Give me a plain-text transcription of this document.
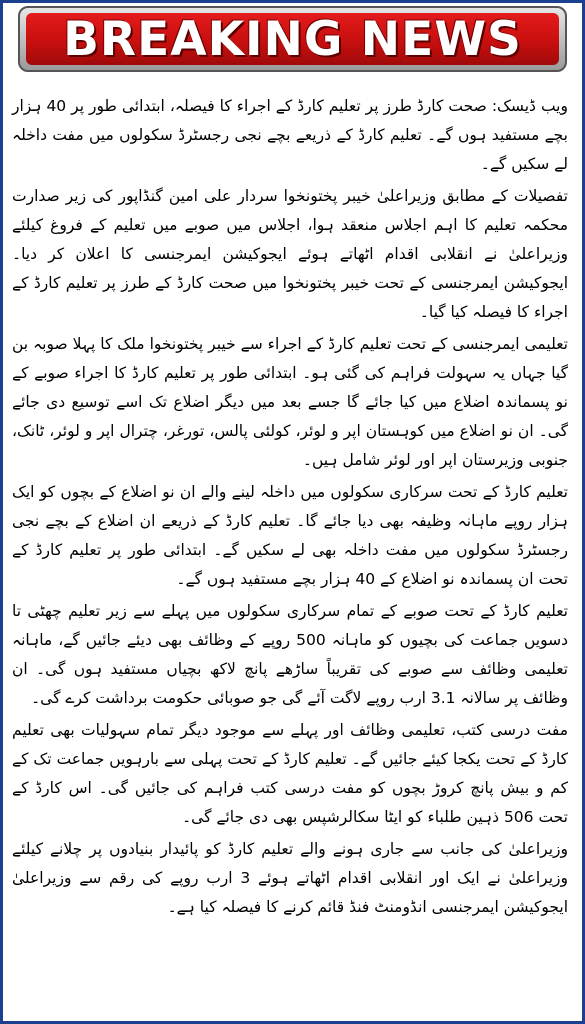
BREAKING NEWS

ویب ڈیسک: صحت کارڈ طرز پر تعلیم کارڈ کے اجراء کا فیصلہ، ابتدائی طور پر 40 ہزار بچے مستفید ہوں گے۔ تعلیم کارڈ کے ذریعے بچے نجی رجسٹرڈ سکولوں میں مفت داخلہ لے سکیں گے۔

تفصیلات کے مطابق وزیراعلیٰ خیبر پختونخوا سردار علی امین گنڈاپور کی زیر صدارت محکمہ تعلیم کا اہم اجلاس منعقد ہوا، اجلاس میں صوبے میں تعلیم کے فروغ کیلئے وزیراعلیٰ نے انقلابی اقدام اٹھاتے ہوئے ایجوکیشن ایمرجنسی کا اعلان کر دیا۔ ایجوکیشن ایمرجنسی کے تحت خیبر پختونخوا میں صحت کارڈ کے طرز پر تعلیم کارڈ کے اجراء کا فیصلہ کیا گیا۔

تعلیمی ایمرجنسی کے تحت تعلیم کارڈ کے اجراء سے خیبر پختونخوا ملک کا پہلا صوبہ بن گیا جہاں یہ سہولت فراہم کی گئی ہو۔ ابتدائی طور پر تعلیم کارڈ کا اجراء صوبے کے نو پسماندہ اضلاع میں کیا جائے گا جسے بعد میں دیگر اضلاع تک اسے توسیع دی جائے گی۔ ان نو اضلاع میں کوہستان اپر و لوئر، کولئی پالس، تورغر، چترال اپر و لوئر، ٹانک، جنوبی وزیرستان اپر اور لوئر شامل ہیں۔

تعلیم کارڈ کے تحت سرکاری سکولوں میں داخلہ لینے والے ان نو اضلاع کے بچوں کو ایک ہزار روپے ماہانہ وظیفہ بھی دیا جائے گا۔ تعلیم کارڈ کے ذریعے ان اضلاع کے بچے نجی رجسٹرڈ سکولوں میں مفت داخلہ بھی لے سکیں گے۔ ابتدائی طور پر تعلیم کارڈ کے تحت ان پسماندہ نو اضلاع کے 40 ہزار بچے مستفید ہوں گے۔

تعلیم کارڈ کے تحت صوبے کے تمام سرکاری سکولوں میں پہلے سے زیر تعلیم چھٹی تا دسویں جماعت کی بچیوں کو ماہانہ 500 روپے کے وظائف بھی دیئے جائیں گے، ماہانہ تعلیمی وظائف سے صوبے کی تقریباً ساڑھے پانچ لاکھ بچیاں مستفید ہوں گی۔ ان وظائف پر سالانہ 3.1 ارب روپے لاگت آئے گی جو صوبائی حکومت برداشت کرے گی۔

مفت درسی کتب، تعلیمی وظائف اور پہلے سے موجود دیگر تمام سہولیات بھی تعلیم کارڈ کے تحت یکجا کیئے جائیں گے۔ تعلیم کارڈ کے تحت پہلی سے بارہویں جماعت تک کے کم و بیش پانچ کروڑ بچوں کو مفت درسی کتب فراہم کی جائیں گی۔ اس کارڈ کے تحت 506 ذہین طلباء کو ایٹا سکالرشپس بھی دی جائے گی۔

وزیراعلیٰ کی جانب سے جاری ہونے والے تعلیم کارڈ کو پائیدار بنیادوں پر چلانے کیلئے وزیراعلیٰ نے ایک اور انقلابی اقدام اٹھاتے ہوئے 3 ارب روپے کی رقم سے وزیراعلیٰ ایجوکیشن ایمرجنسی انڈومنٹ فنڈ قائم کرنے کا فیصلہ کیا ہے۔
